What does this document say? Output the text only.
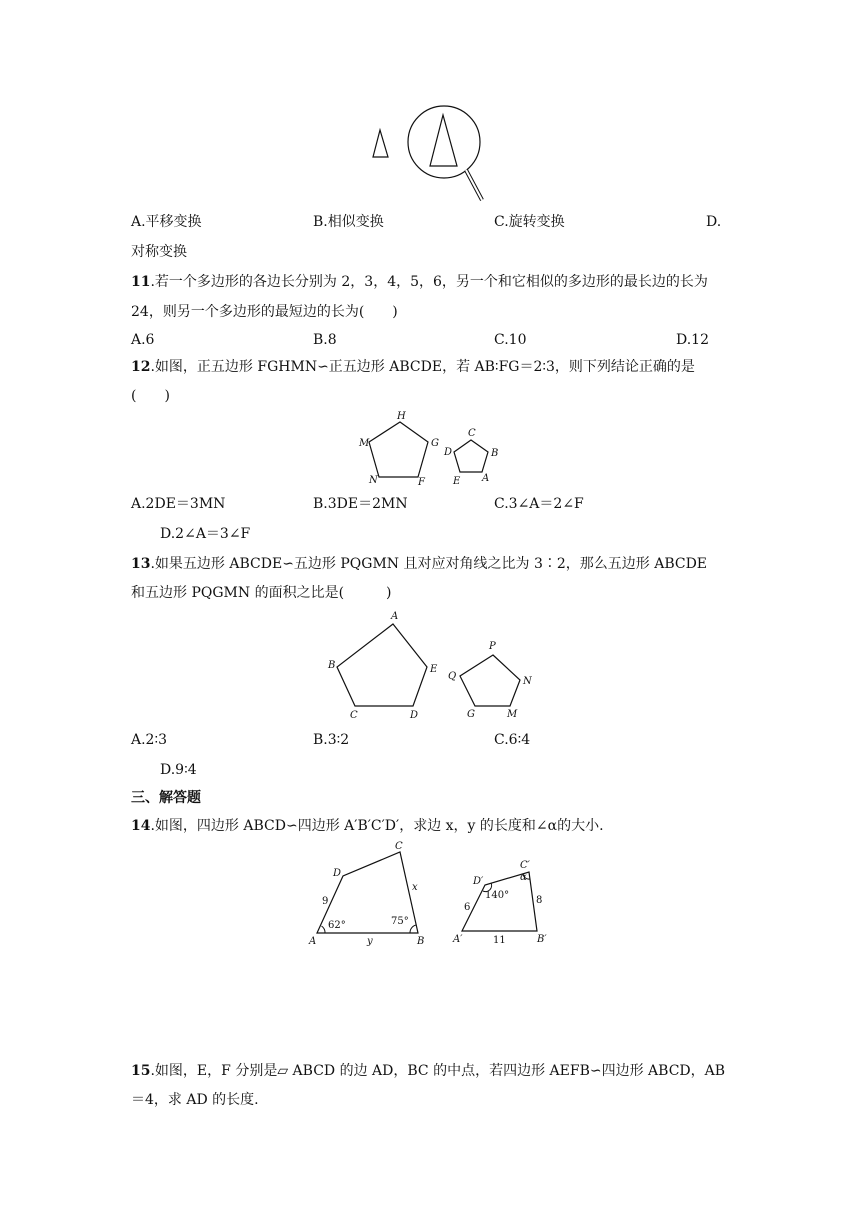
A.平移变换	B.相似变换	C.旋转变换	D.
对称变换
11.若一个多边形的各边长分别为 2，3，4，5，6，另一个和它相似的多边形的最长边的长为
24，则另一个多边形的最短边的长为(　　)
A.6	B.8	C.10	D.12
12.如图，正五边形 FGHMN∽正五边形 ABCDE，若 AB∶FG＝2∶3，则下列结论正确的是
(　　)
H
G
F
N
M
C
B
A
E
D
A.2DE＝3MN	B.3DE＝2MN	C.3∠A＝2∠F
D.2∠A＝3∠F
13.如果五边形 ABCDE∽五边形 PQGMN 且对应对角线之比为 3∶2，那么五边形 ABCDE
和五边形 PQGMN 的面积之比是(　　　)
A
E
D
C
B
P
N
M
G
Q
A.2∶3	B.3∶2	C.6∶4
D.9∶4
三、解答题
14.如图，四边形 ABCD∽四边形 A′B′C′D′，求边 x，y 的长度和∠α的大小.
A	B
C
D
9
x
y
62°	75°
A′	B′
C′
D′
6
8
11
140°
α
15.如图，E，F 分别是▱ ABCD 的边 AD，BC 的中点，若四边形 AEFB∽四边形 ABCD，AB
＝4，求 AD 的长度.
